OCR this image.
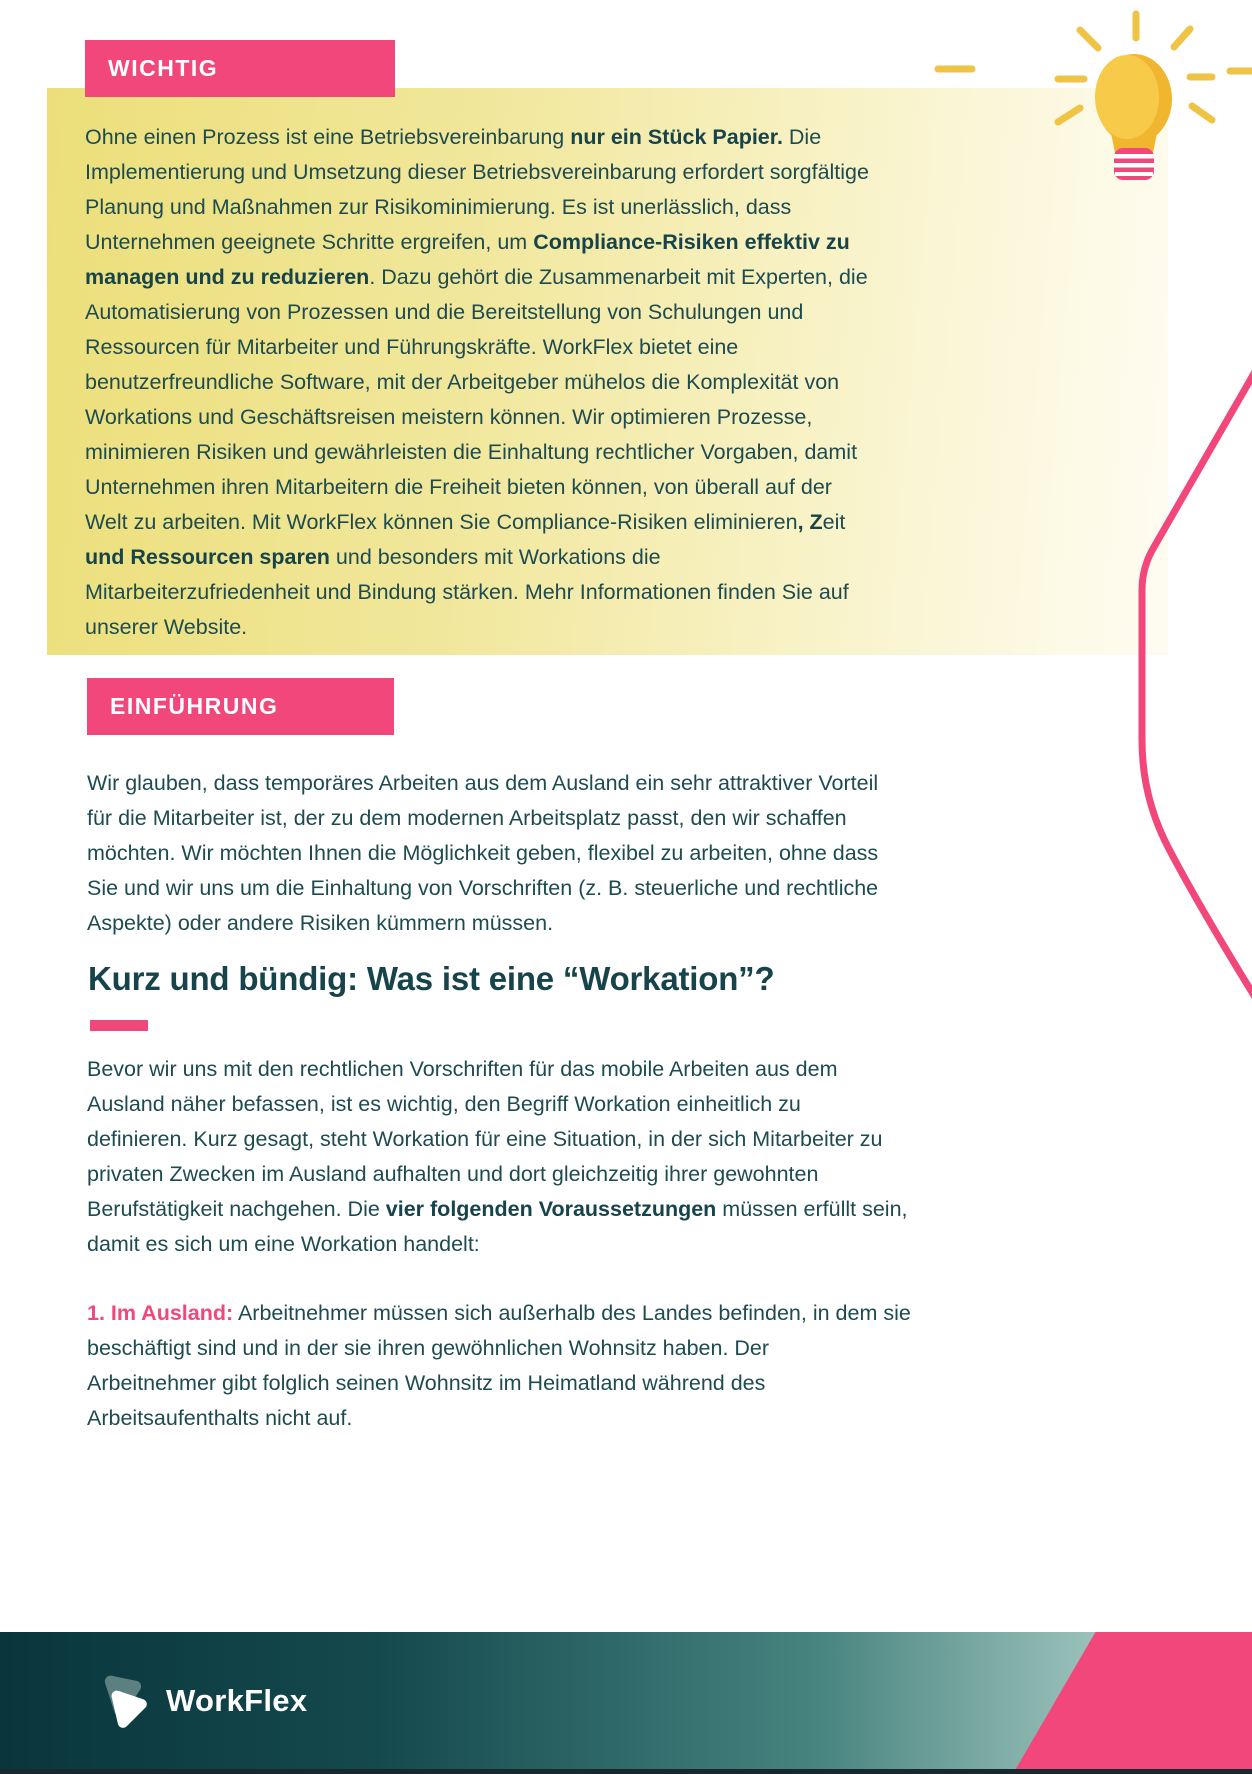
WICHTIG
Ohne einen Prozess ist eine Betriebsvereinbarung nur ein Stück Papier. Die
Implementierung und Umsetzung dieser Betriebsvereinbarung erfordert sorgfältige
Planung und Maßnahmen zur Risikominimierung. Es ist unerlässlich, dass
Unternehmen geeignete Schritte ergreifen, um Compliance-Risiken effektiv zu
managen und zu reduzieren. Dazu gehört die Zusammenarbeit mit Experten, die
Automatisierung von Prozessen und die Bereitstellung von Schulungen und
Ressourcen für Mitarbeiter und Führungskräfte. WorkFlex bietet eine
benutzerfreundliche Software, mit der Arbeitgeber mühelos die Komplexität von
Workations und Geschäftsreisen meistern können. Wir optimieren Prozesse,
minimieren Risiken und gewährleisten die Einhaltung rechtlicher Vorgaben, damit
Unternehmen ihren Mitarbeitern die Freiheit bieten können, von überall auf der
Welt zu arbeiten. Mit WorkFlex können Sie Compliance-Risiken eliminieren, Zeit
und Ressourcen sparen und besonders mit Workations die
Mitarbeiterzufriedenheit und Bindung stärken. Mehr Informationen finden Sie auf
unserer Website.
EINFÜHRUNG
Wir glauben, dass temporäres Arbeiten aus dem Ausland ein sehr attraktiver Vorteil
für die Mitarbeiter ist, der zu dem modernen Arbeitsplatz passt, den wir schaffen
möchten. Wir möchten Ihnen die Möglichkeit geben, flexibel zu arbeiten, ohne dass
Sie und wir uns um die Einhaltung von Vorschriften (z. B. steuerliche und rechtliche
Aspekte) oder andere Risiken kümmern müssen.
Kurz und bündig: Was ist eine “Workation”?
Bevor wir uns mit den rechtlichen Vorschriften für das mobile Arbeiten aus dem
Ausland näher befassen, ist es wichtig, den Begriff Workation einheitlich zu
definieren. Kurz gesagt, steht Workation für eine Situation, in der sich Mitarbeiter zu
privaten Zwecken im Ausland aufhalten und dort gleichzeitig ihrer gewohnten
Berufstätigkeit nachgehen. Die vier folgenden Voraussetzungen müssen erfüllt sein,
damit es sich um eine Workation handelt:
1. Im Ausland: Arbeitnehmer müssen sich außerhalb des Landes befinden, in dem sie
beschäftigt sind und in der sie ihren gewöhnlichen Wohnsitz haben. Der
Arbeitnehmer gibt folglich seinen Wohnsitz im Heimatland während des
Arbeitsaufenthalts nicht auf.
WorkFlex
